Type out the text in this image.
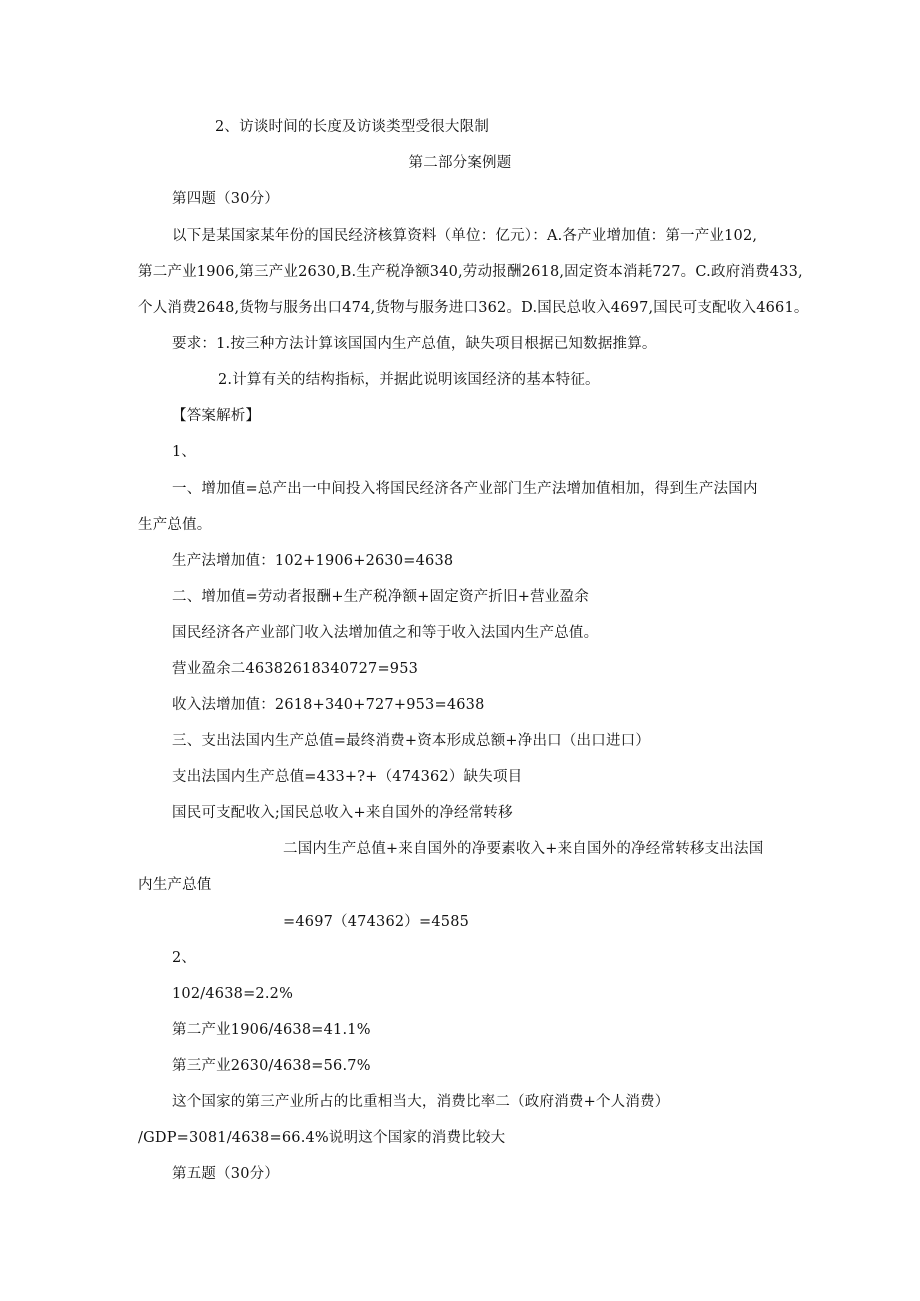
2、访谈时间的长度及访谈类型受很大限制
第二部分案例题
第四题（30分）
以下是某国家某年份的国民经济核算资料（单位：亿元）：A.各产业增加值：第一产业102,
第二产业1906,第三产业2630,B.生产税净额340,劳动报酬2618,固定资本消耗727。C.政府消费433,
个人消费2648,货物与服务出口474,货物与服务进口362。D.国民总收入4697,国民可支配收入4661。
要求：1.按三种方法计算该国国内生产总值，缺失项目根据已知数据推算。
2.计算有关的结构指标，并据此说明该国经济的基本特征。
【答案解析】
1、
一、增加值=总产出一中间投入将国民经济各产业部门生产法增加值相加，得到生产法国内
生产总值。
生产法增加值：102+1906+2630=4638
二、增加值=劳动者报酬+生产税净额+固定资产折旧+营业盈余
国民经济各产业部门收入法增加值之和等于收入法国内生产总值。
营业盈余二46382618340727=953
收入法增加值：2618+340+727+953=4638
三、支出法国内生产总值=最终消费+资本形成总额+净出口（出口进口）
支出法国内生产总值=433+?+（474362）缺失项目
国民可支配收入;国民总收入+来自国外的净经常转移
二国内生产总值+来自国外的净要素收入+来自国外的净经常转移支出法国
内生产总值
=4697（474362）=4585
2、
102/4638=2.2%
第二产业1906/4638=41.1%
第三产业2630/4638=56.7%
这个国家的第三产业所占的比重相当大，消费比率二（政府消费+个人消费）
/GDP=3081/4638=66.4%说明这个国家的消费比较大
第五题（30分）
